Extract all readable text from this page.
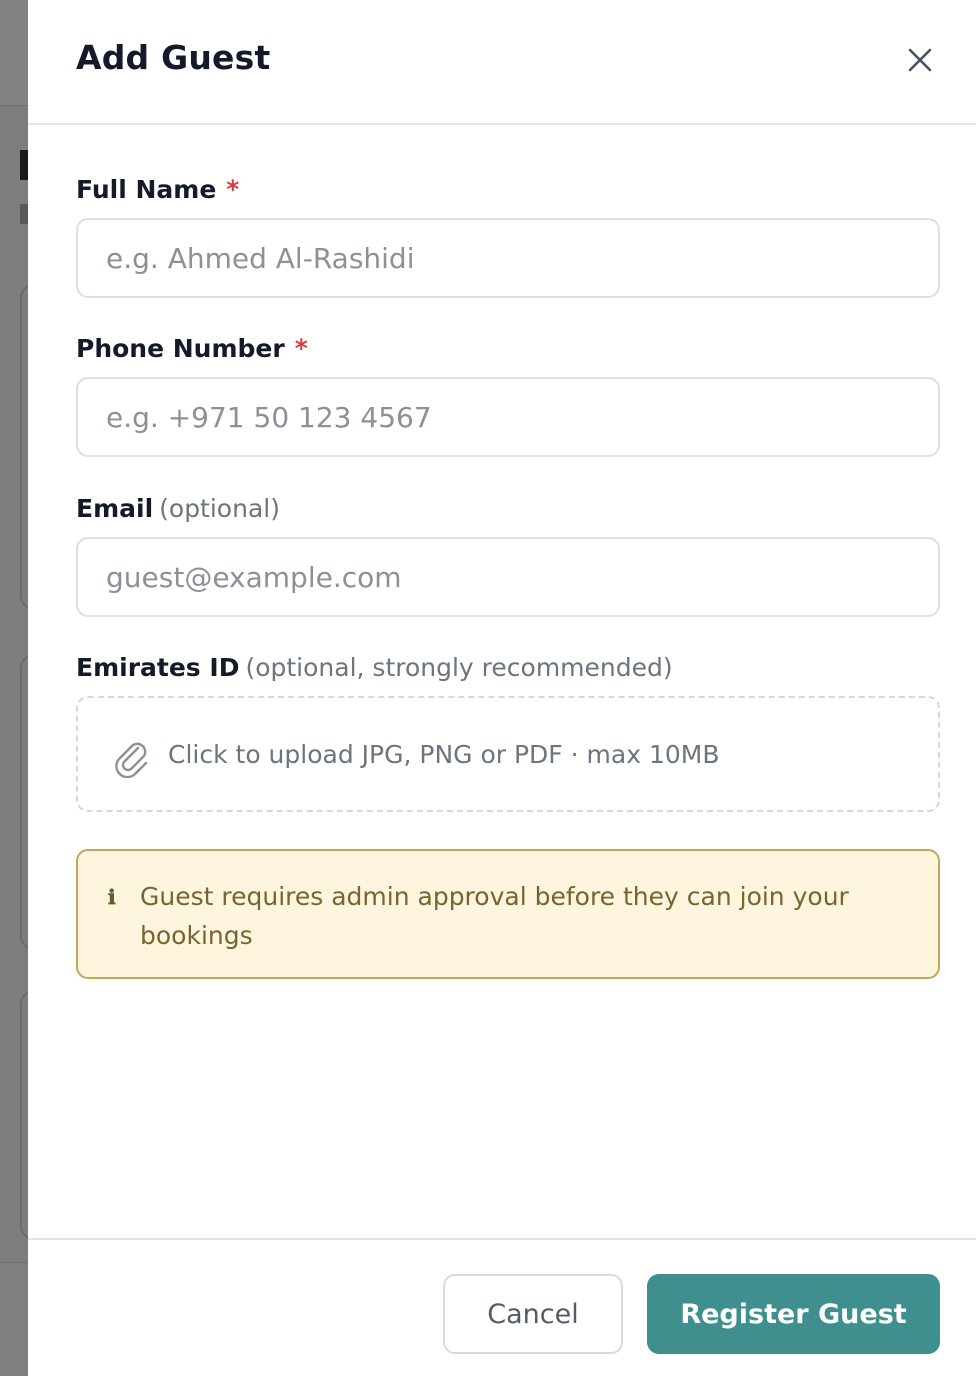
Add Guest
Full Name *
e.g. Ahmed Al-Rashidi
Phone Number *
e.g. +971 50 123 4567
Email (optional)
guest@example.com
Emirates ID (optional, strongly recommended)
Click to upload JPG, PNG or PDF · max 10MB
ℹ Guest requires admin approval before they can join your bookings

Cancel	Register Guest
